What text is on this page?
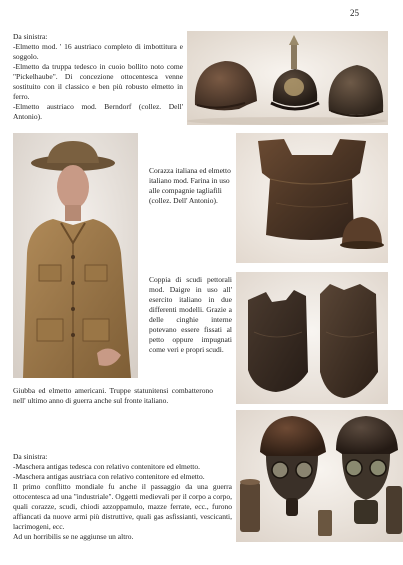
25

Da sinistra:

-Elmetto mod. ' 16 austriaco completo di imbottitura e soggolo.

-Elmetto da truppa tedesco in cuoio bollito noto come "Pickelhaube". Di concezione ottocentesca venne sostituito con il classico e ben più robusto elmetto in ferro.

-Elmetto austriaco mod. Berndorf (collez. Dell' Antonio).

Corazza italiana ed elmetto italiano mod. Farina in uso alle compagnie tagliafili (collez. Dell' Antonio).
Coppia di scudi pettorali mod. Daigre in uso all' esercito italiano in due differenti modelli. Grazie a delle cinghie interne potevano essere fissati al petto oppure impugnati come veri e propri scudi.
Giubba ed elmetto americani. Truppe statunitensi combatterono nell' ultimo anno di guerra anche sul fronte italiano.

Da sinistra:

-Maschera antigas tedesca con relativo contenitore ed elmetto.

-Maschera antigas austriaca con relativo contenitore ed elmetto.

Il primo conflitto mondiale fu anche il passaggio da una guerra ottocentesca ad una "industriale". Oggetti medievali per il corpo a corpo, quali corazze, scudi, chiodi azzoppamulo, mazze ferrate, ecc., furono affiancati da nuove armi più distruttive, quali gas asfissianti, vescicanti, lacrimogeni, ecc.

Ad un horribilis se ne aggiunse un altro.
